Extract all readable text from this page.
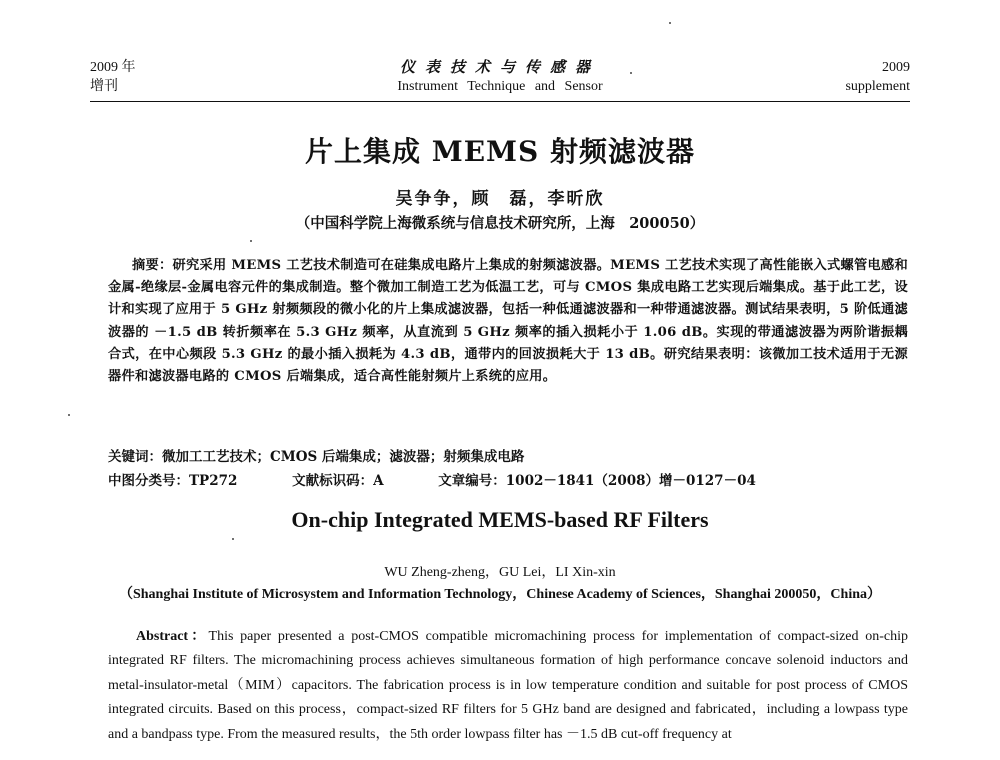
2009 年
增刊
仪表技术与传感器
Instrument Technique and Sensor
2009
supplement
片上集成 MEMS 射频滤波器
吴争争，顾　磊，李昕欣
（中国科学院上海微系统与信息技术研究所，上海　200050）
摘要：研究采用 MEMS 工艺技术制造可在硅集成电路片上集成的射频滤波器。MEMS 工艺技术实现了高性能嵌入式螺管电感和金属-绝缘层-金属电容元件的集成制造。整个微加工制造工艺为低温工艺，可与 CMOS 集成电路工艺实现后端集成。基于此工艺，设计和实现了应用于 5 GHz 射频频段的微小化的片上集成滤波器，包括一种低通滤波器和一种带通滤波器。测试结果表明，5 阶低通滤波器的 －1.5 dB 转折频率在 5.3 GHz 频率，从直流到 5 GHz 频率的插入损耗小于 1.06 dB。实现的带通滤波器为两阶谐振耦合式，在中心频段 5.3 GHz 的最小插入损耗为 4.3 dB，通带内的回波损耗大于 13 dB。研究结果表明：该微加工技术适用于无源器件和滤波器电路的 CMOS 后端集成，适合高性能射频片上系统的应用。
关键词：微加工工艺技术；CMOS 后端集成；滤波器；射频集成电路
中图分类号：TP272	文献标识码：A	文章编号：1002－1841（2008）增－0127－04
On-chip Integrated MEMS-based RF Filters
WU Zheng-zheng，GU Lei，LI Xin-xin
（Shanghai Institute of Microsystem and Information Technology，Chinese Academy of Sciences，Shanghai 200050，China）
Abstract：This paper presented a post-CMOS compatible micromachining process for implementation of compact-sized on-chip integrated RF filters. The micromachining process achieves simultaneous formation of high performance concave solenoid inductors and metal-insulator-metal（MIM）capacitors. The fabrication process is in low temperature condition and suitable for post process of CMOS integrated circuits. Based on this process，compact-sized RF filters for 5 GHz band are designed and fabricated，including a lowpass type and a bandpass type. From the measured results，the 5th order lowpass filter has －1.5 dB cut-off frequency at
